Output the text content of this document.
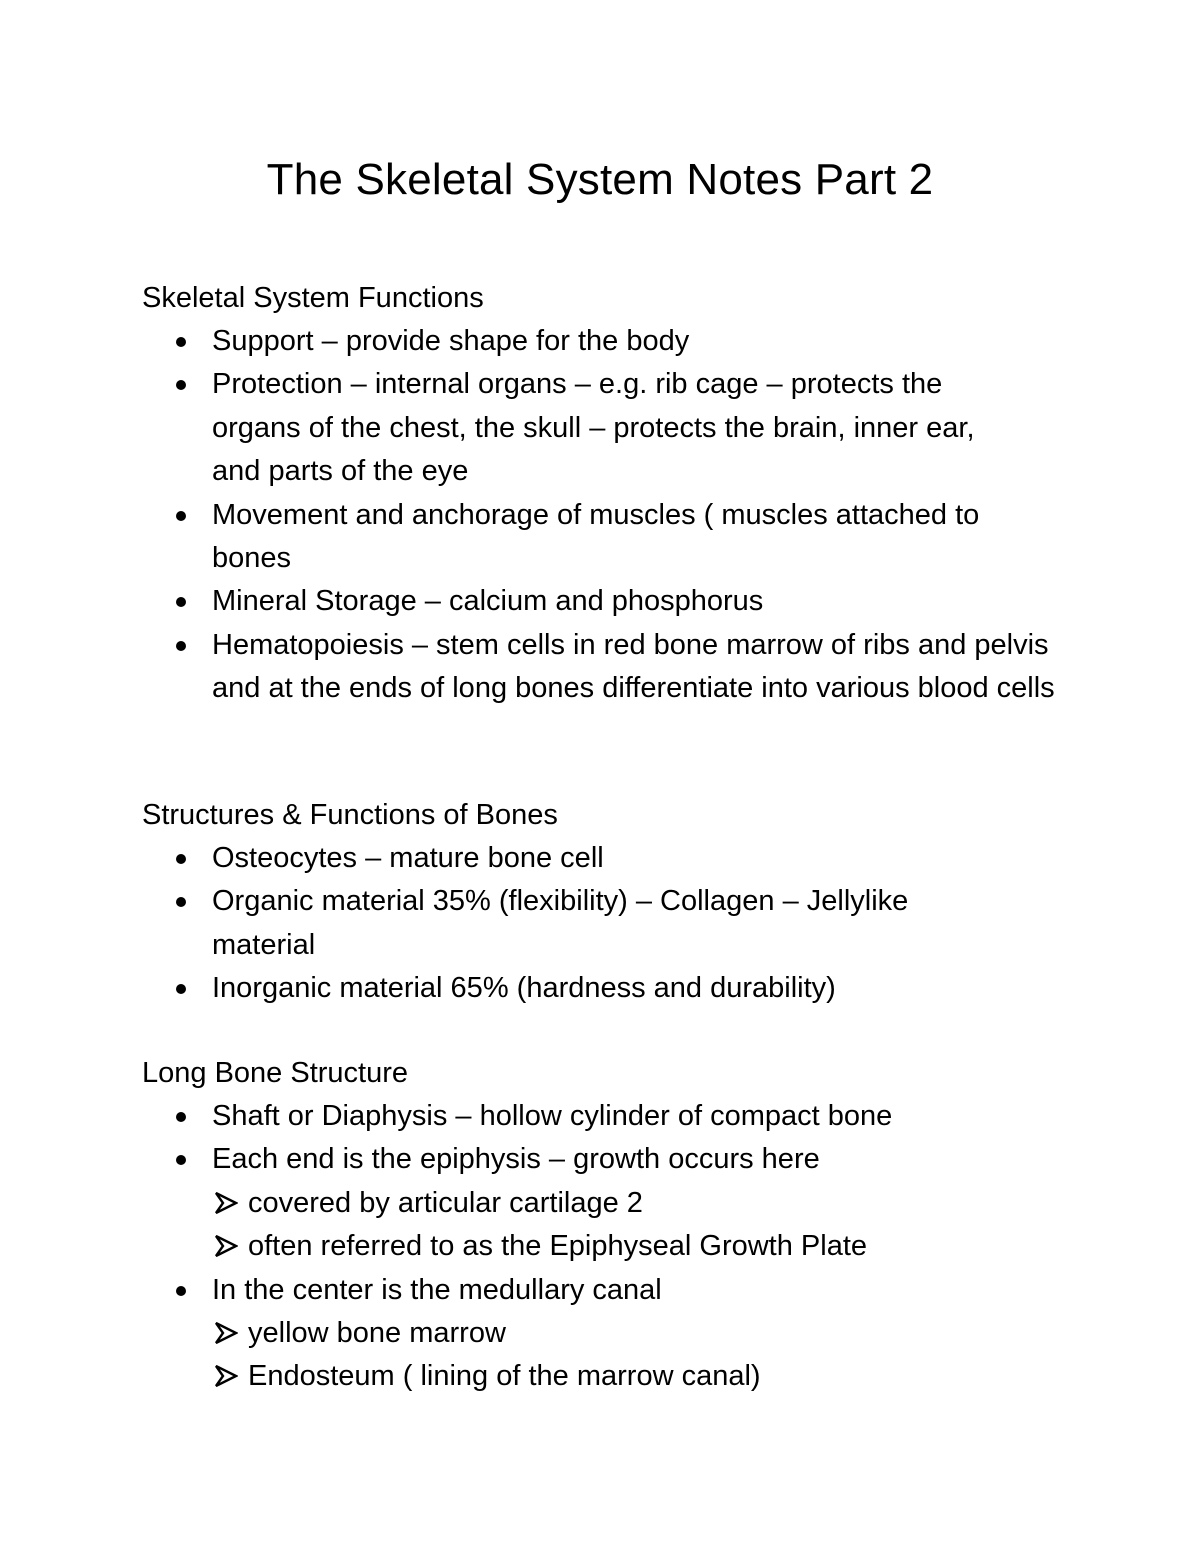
The Skeletal System Notes Part 2
Skeletal System Functions
Support – provide shape for the body
Protection – internal organs – e.g. rib cage – protects the organs of the chest, the skull – protects the brain, inner ear, and parts of the eye
Movement and anchorage of muscles ( muscles attached to bones
Mineral Storage – calcium and phosphorus
Hematopoiesis – stem cells in red bone marrow of ribs and pelvis and at the ends of long bones differentiate into various blood cells
Structures & Functions of Bones
Osteocytes – mature bone cell
Organic material 35% (flexibility) – Collagen – Jellylike material
Inorganic material 65% (hardness and durability)
Long Bone Structure
Shaft or Diaphysis – hollow cylinder of compact bone
Each end is the epiphysis – growth occurs here
covered by articular cartilage 2
often referred to as the Epiphyseal Growth Plate
In the center is the medullary canal
yellow bone marrow
Endosteum ( lining of the marrow canal)
